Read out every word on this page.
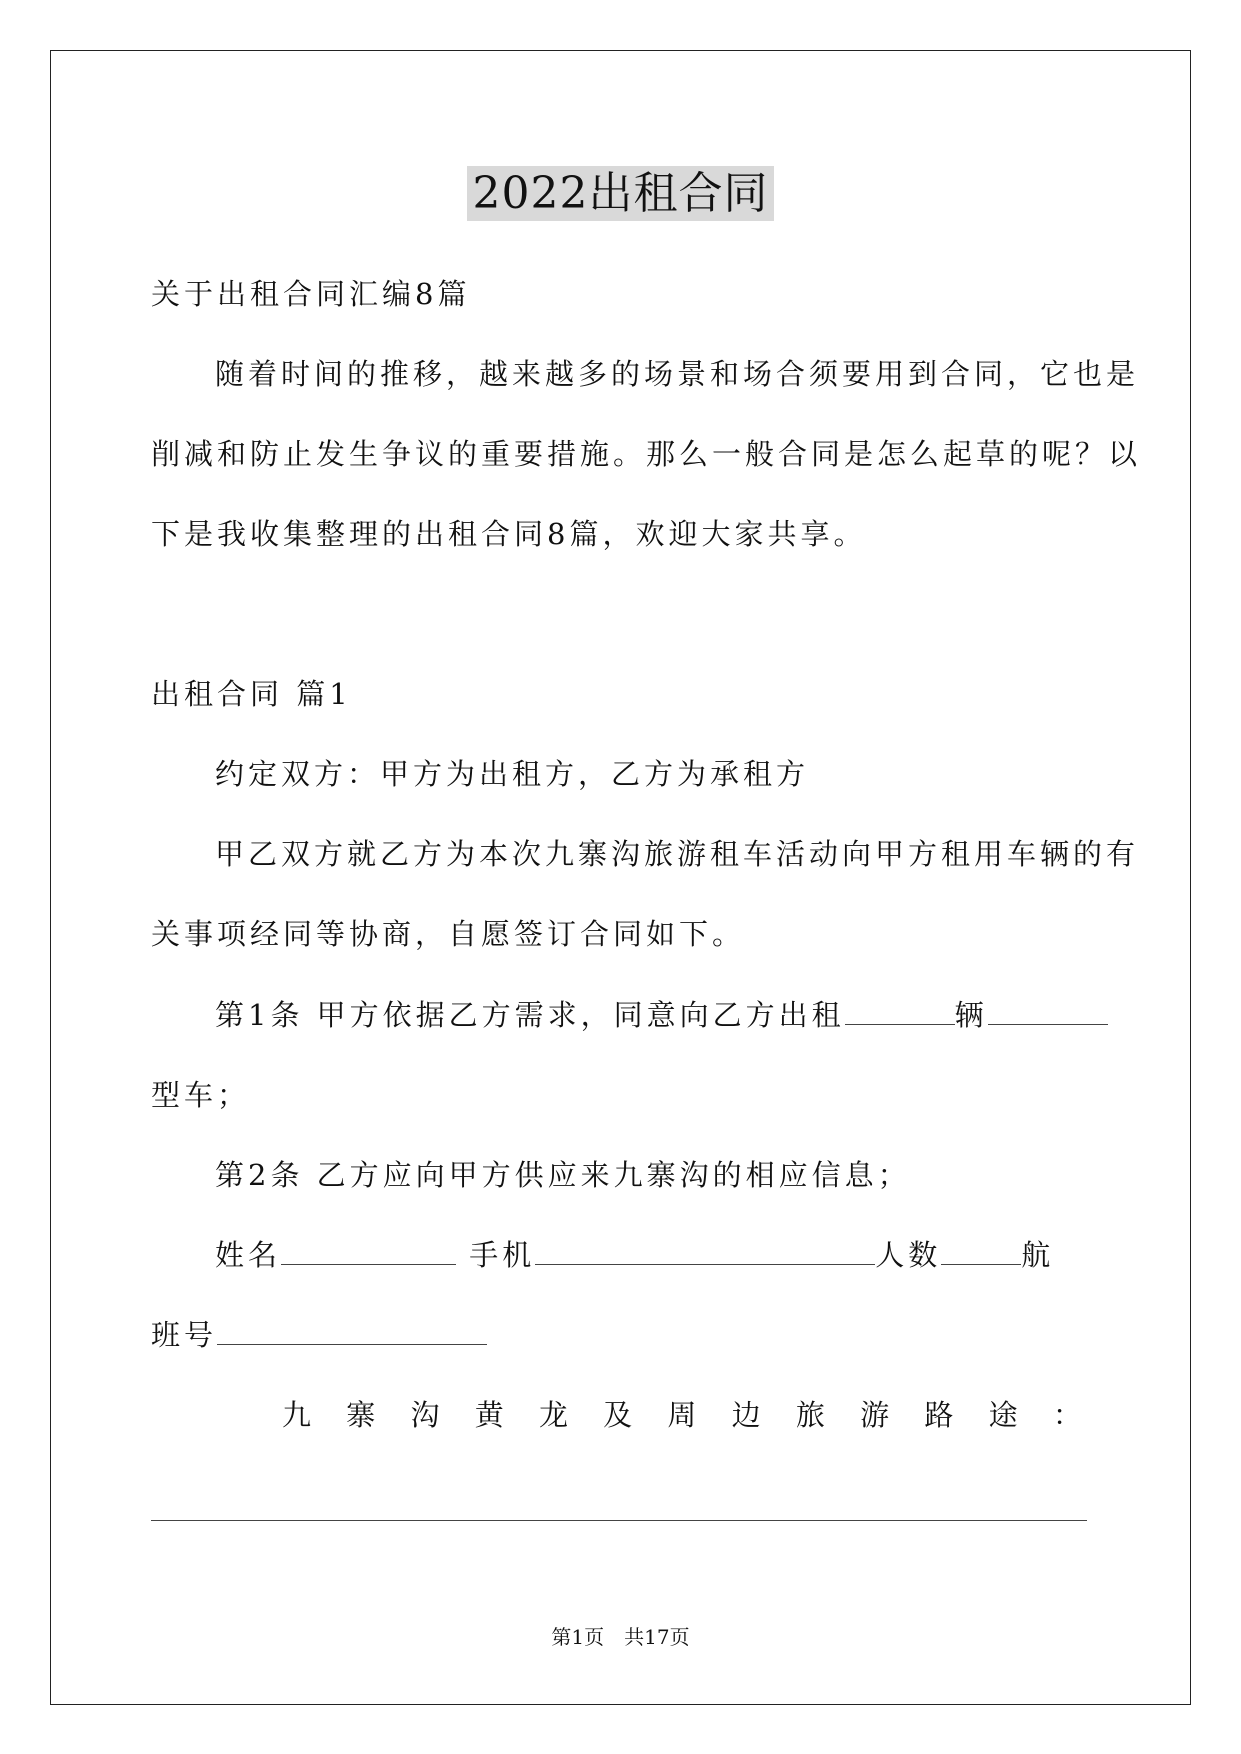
2022出租合同
关于出租合同汇编8篇
随着时间的推移，越来越多的场景和场合须要用到合同，它也是
削减和防止发生争议的重要措施。那么一般合同是怎么起草的呢？以
下是我收集整理的出租合同8篇，欢迎大家共享。
出租合同 篇1
约定双方：甲方为出租方，乙方为承租方
甲乙双方就乙方为本次九寨沟旅游租车活动向甲方租用车辆的有
关事项经同等协商，自愿签订合同如下。
第1条 甲方依据乙方需求，同意向乙方出租	辆
型车；
第2条 乙方应向甲方供应来九寨沟的相应信息；
姓名	手机	人数	航
班号
九 寨 沟 黄 龙 及 周 边 旅 游 路 途 ：
第1页　共17页
